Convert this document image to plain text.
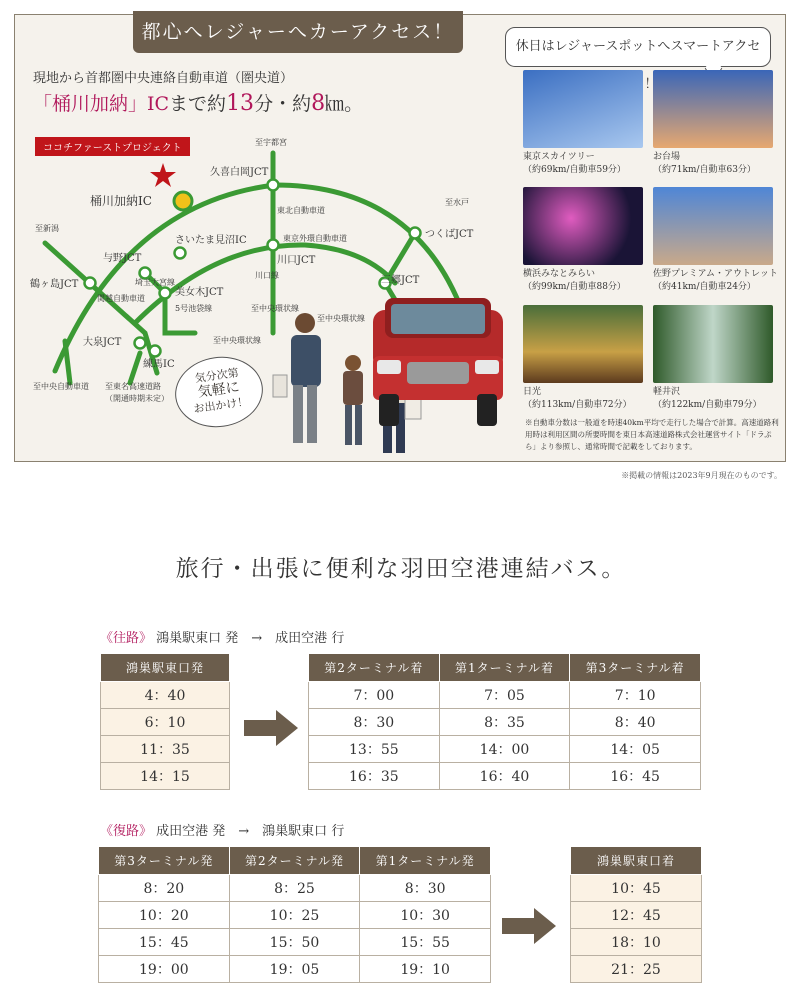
都心へレジャーへカーアクセス！
休日はレジャースポットへスマートアクセ ！！
現地から首都圏中央連絡自動車道（圏央道）
「桶川加納」ICまで約13分・約8㎞。
ココチファーストプロジェクト
桶川加納IC
久喜白岡JCT
至宇都宮
東北自動車道
至水戸
つくばJCT
至新潟
さいたま見沼IC
与野JCT
東京外環自動車道
川口JCT
川口線
埼玉大宮線	三郷JCT
鶴ヶ島JCT
美女木JCT
5号池袋線
関越自動車道
至中央環状線
至中央環状線
至中央環状線
大泉JCT
練馬IC
至中央自動車道 至東名高速道路
（開通時期未定）
気分次第
気軽に
お出かけ！
東京スカイツリー
（約69km/自動車59分）
お台場
（約71km/自動車63分）
横浜みなとみらい
（約99km/自動車88分）
佐野プレミアム・アウトレット
（約41km/自動車24分）
日光
（約113km/自動車72分）
軽井沢
（約122km/自動車79分）
※自動車分数は一般道を時速40km平均で走行した場合で計算。高速道路利用時は利用区間の所要時間を東日本高速道路株式会社運営サイト「ドラぷら」より参照し、通常時間で記載をしております。
※掲載の情報は2023年9月現在のものです。
旅行・出張に便利な羽田空港連結バス。
《往路》 鴻巣駅東口 発　→　成田空港 行
鴻巣駅東口発
4：40
6：10
11：35
14：15
第2ターミナル着	第1ターミナル着	第3ターミナル着
7：00	7：05	7：10
8：30	8：35	8：40
13：55	14：00	14：05
16：35	16：40	16：45
《復路》 成田空港 発　→　鴻巣駅東口 行
第3ターミナル発	第2ターミナル発	第1ターミナル発
8：20	8：25	8：30
10：20	10：25	10：30
15：45	15：50	15：55
19：00	19：05	19：10
鴻巣駅東口着
10：45
12：45
18：10
21：25
